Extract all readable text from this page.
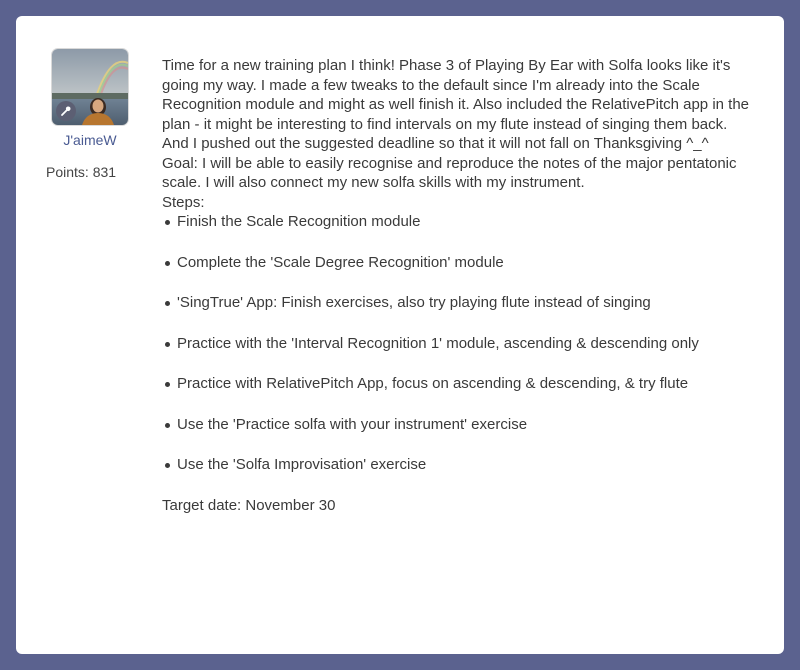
J'aimeW
Points: 831

Time for a new training plan I think! Phase 3 of Playing By Ear with Solfa looks like it's going my way. I made a few tweaks to the default since I'm already into the Scale Recognition module and might as well finish it. Also included the RelativePitch app in the plan - it might be interesting to find intervals on my flute instead of singing them back. And I pushed out the suggested deadline so that it will not fall on Thanksgiving ^_^

Goal: I will be able to easily recognise and reproduce the notes of the major pentatonic scale. I will also connect my new solfa skills with my instrument.

Steps:

Finish the Scale Recognition module
Complete the 'Scale Degree Recognition' module
'SingTrue' App: Finish exercises, also try playing flute instead of singing
Practice with the 'Interval Recognition 1' module, ascending & descending only
Practice with RelativePitch App, focus on ascending & descending, & try flute
Use the 'Practice solfa with your instrument' exercise
Use the 'Solfa Improvisation' exercise

Target date: November 30
